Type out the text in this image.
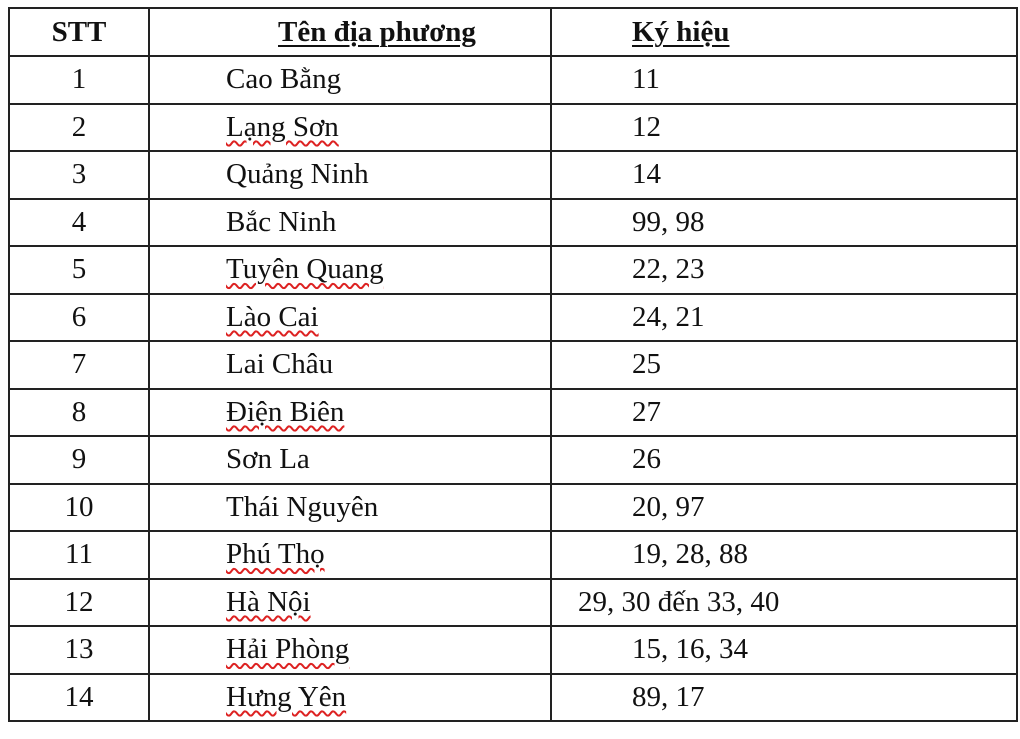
STT	Tên địa phương	Ký hiệu
1	Cao Bằng	11
2	Lạng Sơn	12
3	Quảng Ninh	14
4	Bắc Ninh	99, 98
5	Tuyên Quang	22, 23
6	Lào Cai	24, 21
7	Lai Châu	25
8	Điện Biên	27
9	Sơn La	26
10	Thái Nguyên	20, 97
11	Phú Thọ	19, 28, 88
12	Hà Nội	29, 30 đến 33, 40
13	Hải Phòng	15, 16, 34
14	Hưng Yên	89, 17
